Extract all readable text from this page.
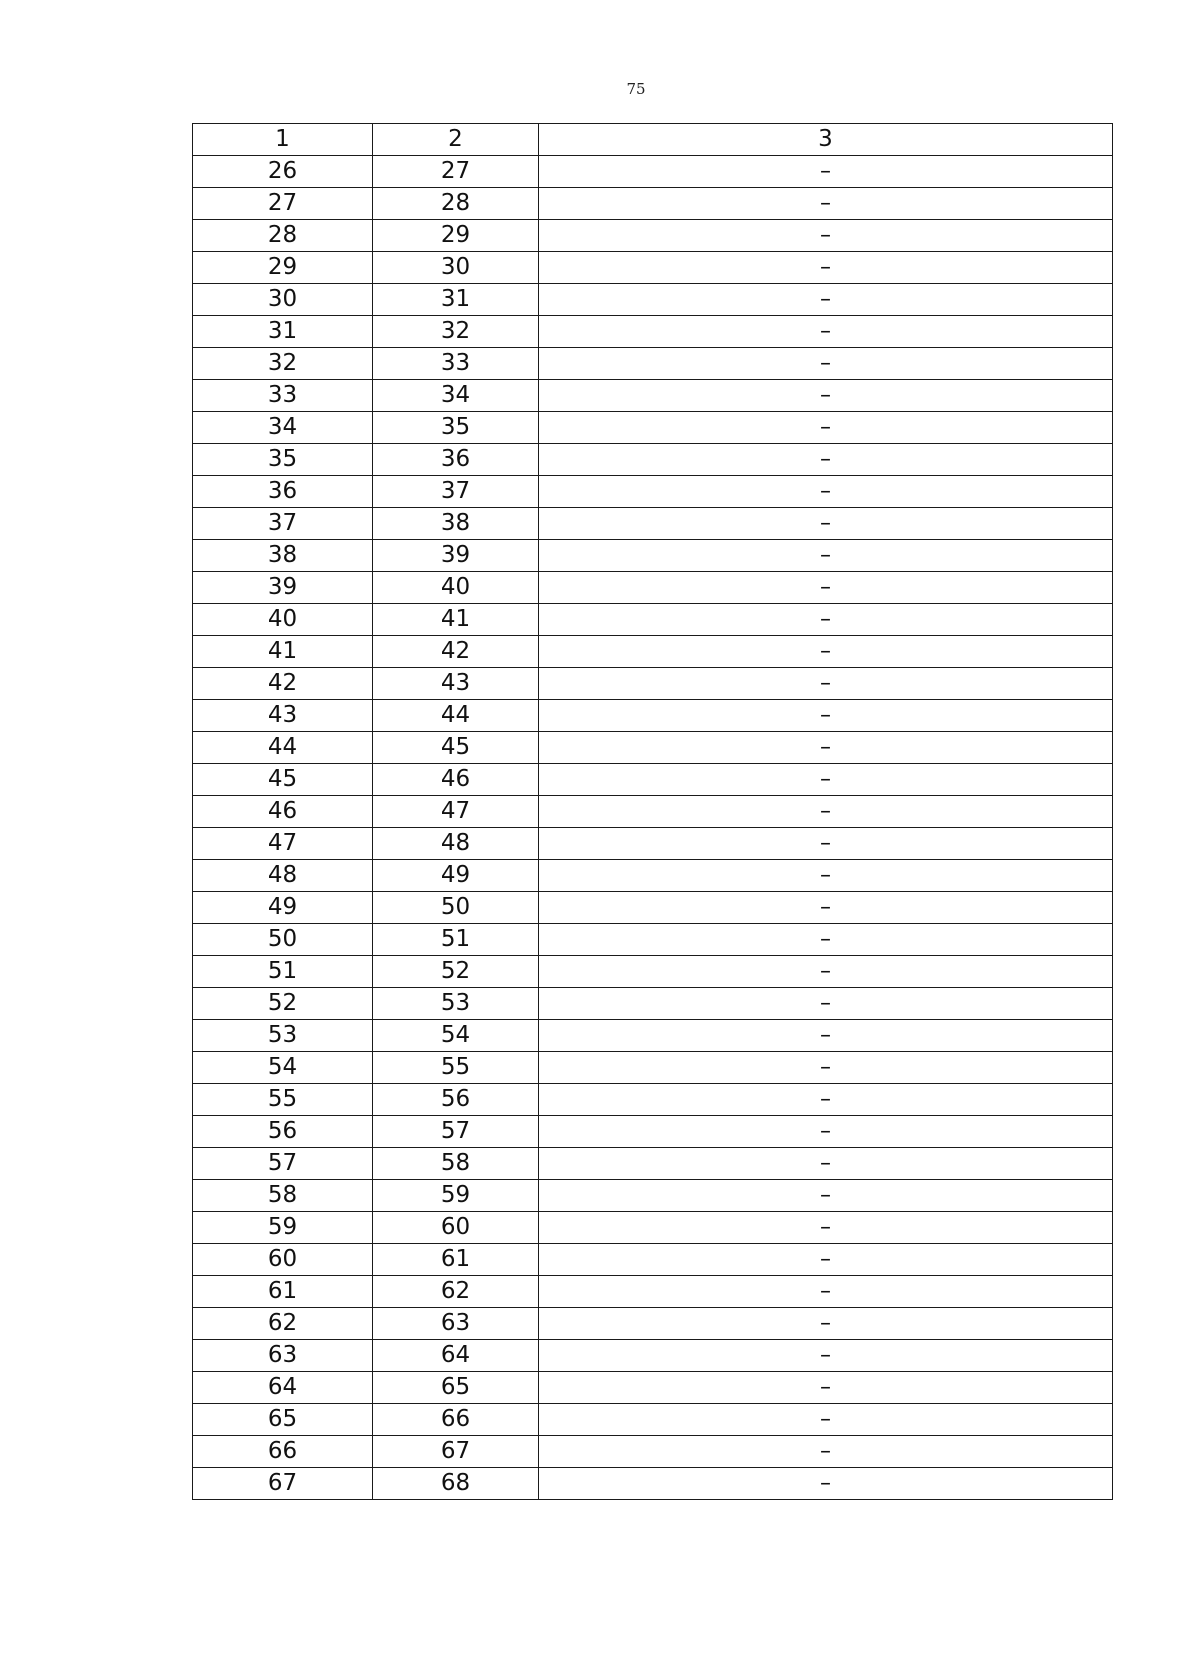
75
1	2	3
26	27	–
27	28	–
28	29	–
29	30	–
30	31	–
31	32	–
32	33	–
33	34	–
34	35	–
35	36	–
36	37	–
37	38	–
38	39	–
39	40	–
40	41	–
41	42	–
42	43	–
43	44	–
44	45	–
45	46	–
46	47	–
47	48	–
48	49	–
49	50	–
50	51	–
51	52	–
52	53	–
53	54	–
54	55	–
55	56	–
56	57	–
57	58	–
58	59	–
59	60	–
60	61	–
61	62	–
62	63	–
63	64	–
64	65	–
65	66	–
66	67	–
67	68	–
